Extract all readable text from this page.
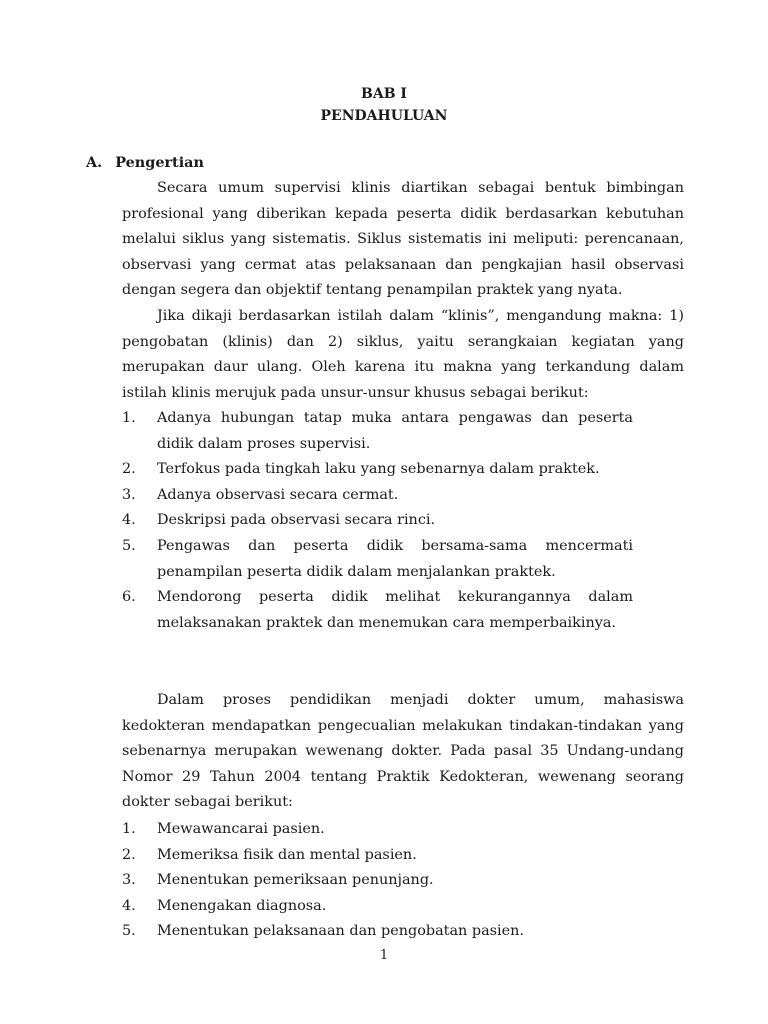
BAB I
PENDAHULUAN
A. Pengertian

Secara umum supervisi klinis diartikan sebagai bentuk bimbingan profesional yang diberikan kepada peserta didik berdasarkan kebutuhan melalui siklus yang sistematis. Siklus sistematis ini meliputi: perencanaan, observasi yang cermat atas pelaksanaan dan pengkajian hasil observasi dengan segera dan objektif tentang penampilan praktek yang nyata.

Jika dikaji berdasarkan istilah dalam “klinis”, mengandung makna: 1) pengobatan (klinis) dan 2) siklus, yaitu serangkaian kegiatan yang merupakan daur ulang. Oleh karena itu makna yang terkandung dalam istilah klinis merujuk pada unsur-unsur khusus sebagai berikut:

1. Adanya hubungan tatap muka antara pengawas dan peserta didik dalam proses supervisi.
2. Terfokus pada tingkah laku yang sebenarnya dalam praktek.
3. Adanya observasi secara cermat.
4. Deskripsi pada observasi secara rinci.
5. Pengawas dan peserta didik bersama-sama mencermati penampilan peserta didik dalam menjalankan praktek.
6. Mendorong peserta didik melihat kekurangannya dalam melaksanakan praktek dan menemukan cara memperbaikinya.

Dalam proses pendidikan menjadi dokter umum, mahasiswa kedokteran mendapatkan pengecualian melakukan tindakan-tindakan yang sebenarnya merupakan wewenang dokter. Pada pasal 35 Undang-undang Nomor 29 Tahun 2004 tentang Praktik Kedokteran, wewenang seorang dokter sebagai berikut:

1. Mewawancarai pasien.
2. Memeriksa fisik dan mental pasien.
3. Menentukan pemeriksaan penunjang.
4. Menengakan diagnosa.
5. Menentukan pelaksanaan dan pengobatan pasien.
1
